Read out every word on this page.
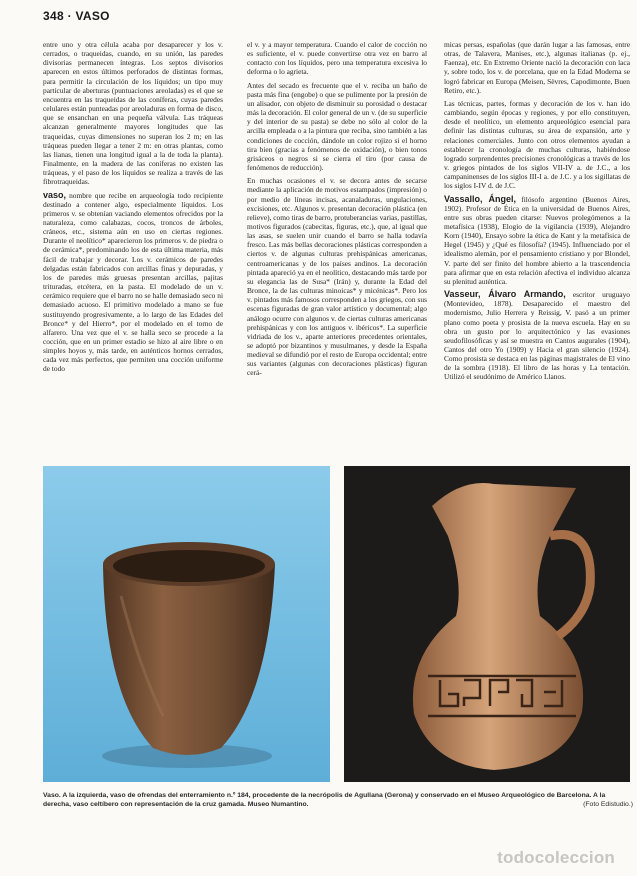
348 · VASO

entre uno y otra célula acaba por desaparecer y los v. cerrados, o traqueidas, cuando, en su unión, las paredes divisorias permanecen íntegras. Los septos divisorios aparecen en estos últimos perforados de distintas formas, para permitir la circulación de los líquidos; un tipo muy particular de aberturas (puntuaciones areoladas) es el que se encuentra en las traqueidas de las coníferas, cuyas paredes celulares están punteadas por areoladuras en forma de disco, que se ensanchan en una pequeña válvula. Las tráqueas alcanzan generalmente mayores longitudes que las traqueidas, cuyas dimensiones no superan los 2 m; en las tráqueas pueden llegar a tener 2 m: en otras plantas, como las lianas, tienen una longitud igual a la de toda la planta). Finalmente, en la madera de las coníferas no existen las tráqueas, y el paso de los líquidos se realiza a través de las fibrotraqueidas.

vaso, nombre que recibe en arqueología todo recipiente destinado a contener algo, especialmente líquidos. Los primeros v. se obtenían vaciando elementos ofrecidos por la naturaleza, como calabazas, cocos, troncos de árboles, cráneos, etc., sistema aún en uso en ciertas regiones. Durante el neolítico* aparecieron los primeros v. de piedra o de cerámica*, predominando los de esta última materia, más fácil de trabajar y decorar. Los v. cerámicos de paredes delgadas están fabricados con arcillas finas y depuradas, y los de paredes más gruesas presentan arcillas, pajitas trituradas, etcétera, en la pasta. El modelado de un v. cerámico requiere que el barro no se halle demasiado seco ni demasiado acuoso. El primitivo modelado a mano se fue sustituyendo progresivamente, a lo largo de las Edades del Bronce* y del Hierro*, por el modelado en el torno de alfarero. Una vez que el v. se halla seco se procede a la cocción, que en un primer estadio se hizo al aire libre o en simples hoyos y, más tarde, en auténticos hornos cerrados, cada vez más perfectos, que permiten una cocción uniforme de todo

el v. y a mayor temperatura. Cuando el calor de cocción no es suficiente, el v. puede convertirse otra vez en barro al contacto con los líquidos, pero una temperatura excesiva lo deforma o lo agrieta.

Antes del secado es frecuente que el v. reciba un baño de pasta más fina (engobe) o que se pulimente por la presión de un alisador, con objeto de disminuir su porosidad o destacar más la decoración. El color general de un v. (de su superficie y del interior de su pasta) se debe no sólo al color de la arcilla empleada o a la pintura que reciba, sino también a las condiciones de cocción, dándole un color rojizo si el horno tira bien (gracias a fenómenos de oxidación), o bien tonos grisáceos o negros si se cierra el tiro (por causa de fenómenos de reducción).

En muchas ocasiones el v. se decora antes de secarse mediante la aplicación de motivos estampados (impresión) o por medio de líneas incisas, acanaladuras, ungulaciones, excisiones, etc. Algunos v. presentan decoración plástica (en relieve), como tiras de barro, protuberancias varias, pastillas, motivos figurados (cabecitas, figuras, etc.), que, al igual que las asas, se suelen unir cuando el barro se halla todavía fresco. Las más bellas decoraciones plásticas corresponden a ciertos v. de algunas culturas prehispánicas americanas, centroamericanas y de los países andinos. La decoración pintada apareció ya en el neolítico, destacando más tarde por su elegancia las de Susa* (Irán) y, durante la Edad del Bronce, la de las culturas minoicas* y micénicas*. Pero los v. pintados más famosos corresponden a los griegos, con sus escenas figuradas de gran valor artístico y documental; algo análogo ocurre con algunos v. de ciertas culturas americanas prehispánicas y con los antiguos v. ibéricos*. La superficie vidriada de los v., aparte anteriores precedentes orientales, se adoptó por bizantinos y musulmanes, y desde la España medieval se difundió por el resto de Europa occidental; entre sus variantes (algunas con decoraciones plásticas) figuran cerá-

micas persas, españolas (que darán lugar a las famosas, entre otras, de Talavera, Manises, etc.), algunas italianas (p. ej., Faenza), etc. En Extremo Oriente nació la decoración con laca y, sobre todo, los v. de porcelana, que en la Edad Moderna se logró fabricar en Europa (Meisen, Sèvres, Capodimonte, Buen Retiro, etc.).

Las técnicas, partes, formas y decoración de los v. han ido cambiando, según épocas y regiones, y por ello constituyen, desde el neolítico, un elemento arqueológico esencial para definir las distintas culturas, su área de expansión, arte y relaciones comerciales. Junto con otros elementos ayudan a establecer la cronología de muchas culturas, habiéndose logrado sorprendentes precisiones cronológicas a través de los v. griegos pintados de los siglos VII-IV a. de J.C., a los campaninenses de los siglos III-I a. de J.C. y a los sigillatas de los siglos I-IV d. de J.C.

Vassallo, Ángel, filósofo argentino (Buenos Aires, 1902). Profesor de Ética en la universidad de Buenos Aires, entre sus obras pueden citarse: Nuevos prolegómenos a la metafísica (1938), Elogio de la vigilancia (1939), Alejandro Korn (1940), Ensayo sobre la ética de Kant y la metafísica de Hegel (1945) y ¿Qué es filosofía? (1945). Influenciado por el idealismo alemán, por el pensamiento cristiano y por Blondel, V. parte del ser finito del hombre abierto a la trascendencia para afirmar que en esta relación afectiva el individuo alcanza su plenitud auténtica.

Vasseur, Álvaro Armando, escritor uruguayo (Montevideo, 1878). Desaparecido el maestro del modernismo, Julio Herrera y Reissig, V. pasó a un primer plano como poeta y prosista de la nueva escuela. Hay en su obra un gusto por lo arquitectónico y las evasiones seudofilosóficas y así se muestra en Cantos augurales (1904), Cantos del otro Yo (1909) y Hacia el gran silencio (1924). Como prosista se destaca en las páginas magistrales de El vino de la sombra (1918). El libro de las horas y La tentación. Utilizó el seudónimo de Américo Llanos.

Vaso. A la izquierda, vaso de ofrendas del enterramiento n.º 184, procedente de la necrópolis de Agullana (Gerona) y conservado en el Museo Arqueológico de Barcelona. A la derecha, vaso celtíbero con representación de la cruz gamada. Museo Numantino.	(Foto Edistudio.)
todocoleccion
